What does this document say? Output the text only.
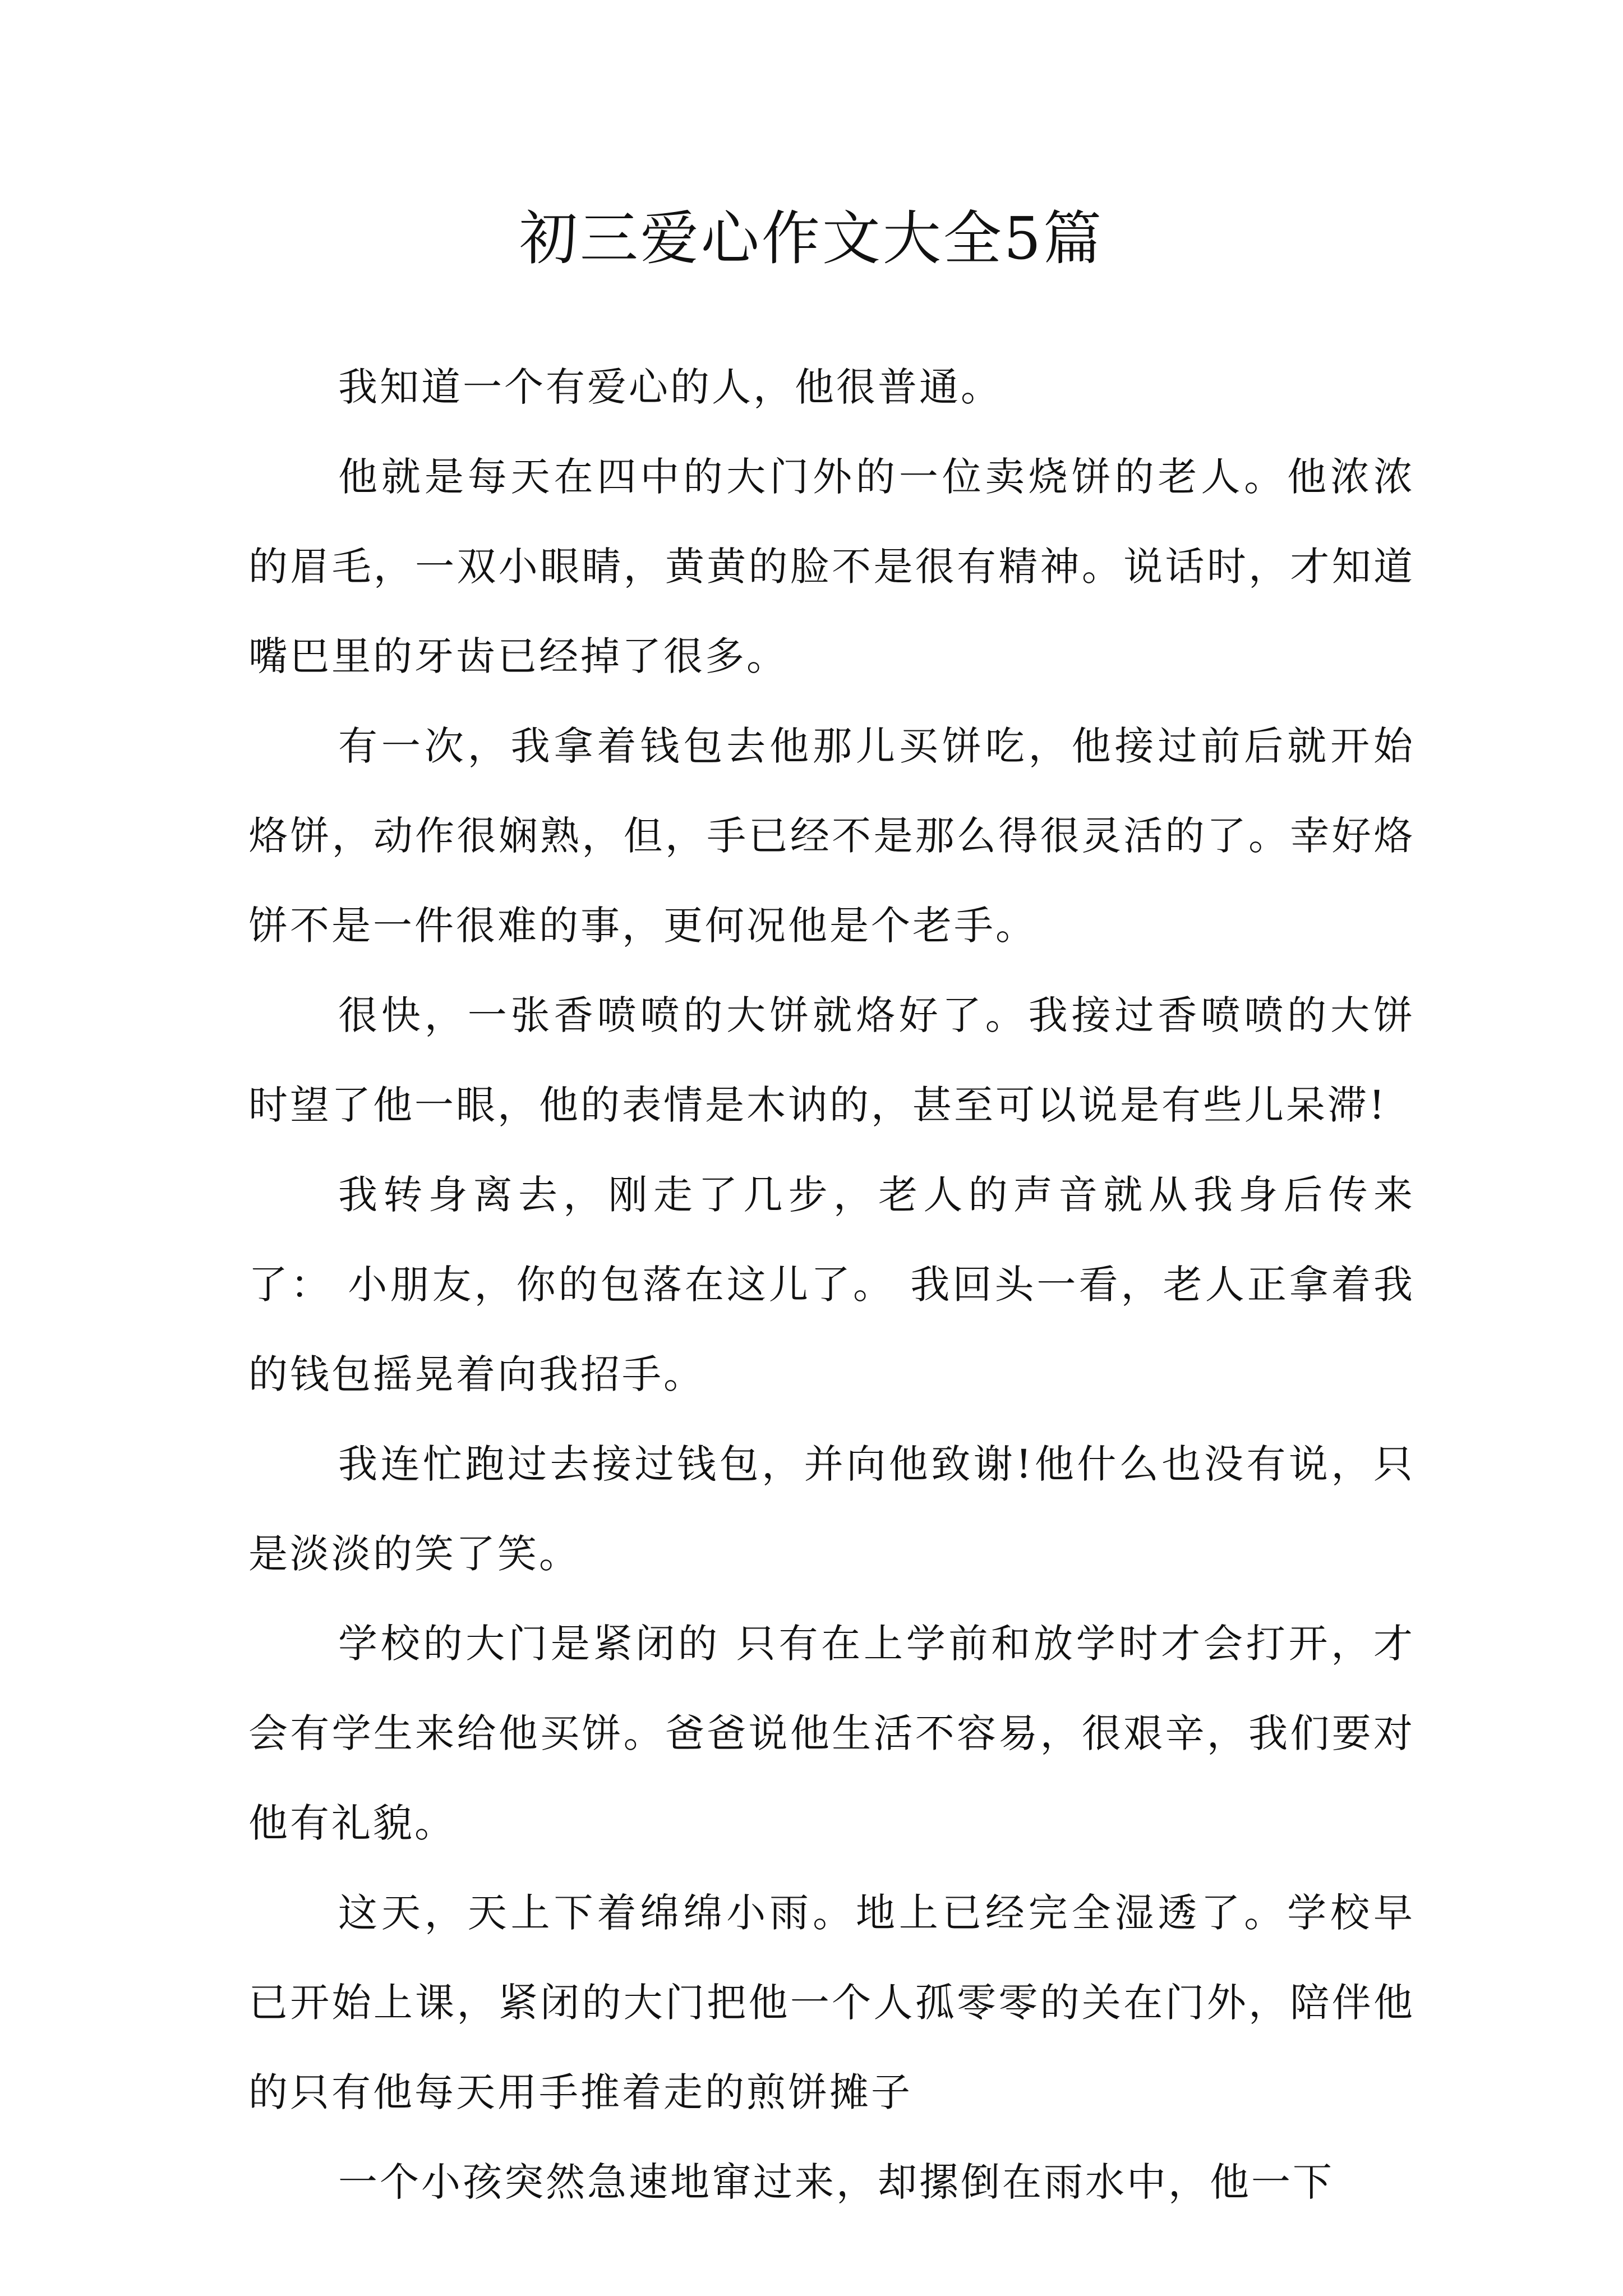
初三爱心作文大全5篇

我知道一个有爱心的人，他很普通。

他就是每天在四中的大门外的一位卖烧饼的老人。他浓浓的眉毛，一双小眼睛，黄黄的脸不是很有精神。说话时，才知道嘴巴里的牙齿已经掉了很多。

有一次，我拿着钱包去他那儿买饼吃，他接过前后就开始烙饼，动作很娴熟，但，手已经不是那么得很灵活的了。幸好烙饼不是一件很难的事，更何况他是个老手。

很快，一张香喷喷的大饼就烙好了。我接过香喷喷的大饼时望了他一眼，他的表情是木讷的，甚至可以说是有些儿呆滞!

我转身离去，刚走了几步，老人的声音就从我身后传来了： 小朋友，你的包落在这儿了。 我回头一看，老人正拿着我的钱包摇晃着向我招手。

我连忙跑过去接过钱包，并向他致谢!他什么也没有说，只是淡淡的笑了笑。

学校的大门是紧闭的 只有在上学前和放学时才会打开，才会有学生来给他买饼。爸爸说他生活不容易，很艰辛，我们要对他有礼貌。

这天，天上下着绵绵小雨。地上已经完全湿透了。学校早已开始上课，紧闭的大门把他一个人孤零零的关在门外，陪伴他的只有他每天用手推着走的煎饼摊子

一个小孩突然急速地窜过来，却摞倒在雨水中，他一下
